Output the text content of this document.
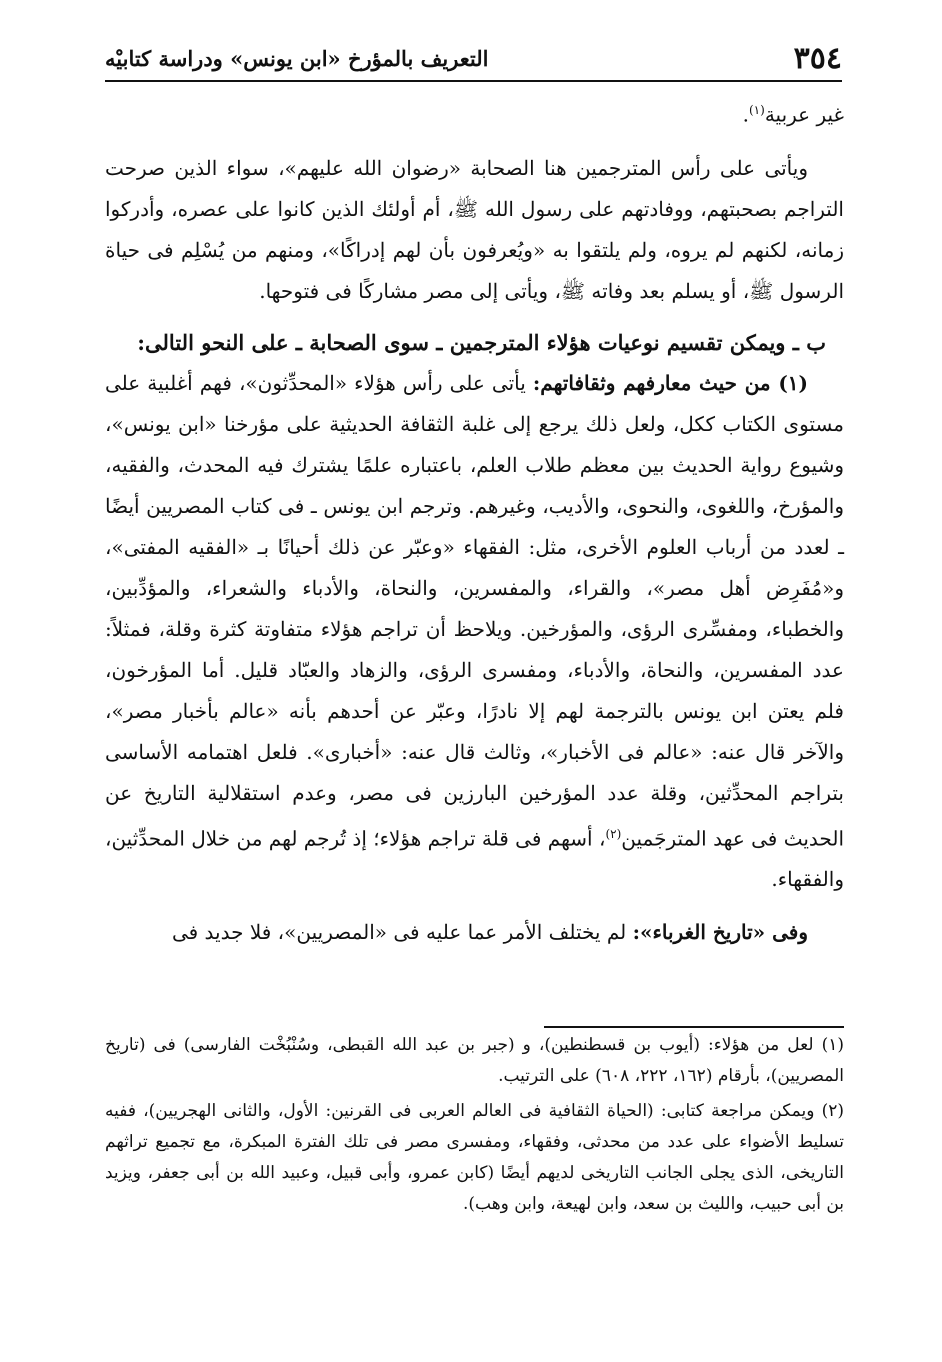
٣٥٤
التعريف بالمؤرخ «ابن يونس» ودراسة كتابيْه

غير عربية$^{(١)}$.

ويأتى على رأس المترجمين هنا الصحابة «رضوان الله عليهم»، سواء الذين صرحت التراجم بصحبتهم، ووفادتهم على رسول الله ﷺ، أم أولئك الذين كانوا على عصره، وأدركوا زمانه، لكنهم لم يروه، ولم يلتقوا به «ويُعرفون بأن لهم إدراكًا»، ومنهم من يُسْلِم فى حياة الرسول ﷺ، أو يسلم بعد وفاته ﷺ، ويأتى إلى مصر مشاركًا فى فتوحها.

ب ـ ويمكن تقسيم نوعيات هؤلاء المترجمين ـ سوى الصحابة ـ على النحو التالى:

(١) من حيث معارفهم وثقافاتهم: يأتى على رأس هؤلاء «المحدِّثون»، فهم أغلبية على مستوى الكتاب ككل، ولعل ذلك يرجع إلى غلبة الثقافة الحديثية على مؤرخنا «ابن يونس»، وشيوع رواية الحديث بين معظم طلاب العلم، باعتباره علمًا يشترك فيه المحدث، والفقيه، والمؤرخ، واللغوى، والنحوى، والأديب، وغيرهم. وترجم ابن يونس ـ فى كتاب المصريين أيضًا ـ لعدد من أرباب العلوم الأخرى، مثل: الفقهاء «وعبّر عن ذلك أحيانًا بـ «الفقيه المفتى»، و«مُفَرِض أهل مصر»، والقراء، والمفسرين، والنحاة، والأدباء والشعراء، والمؤدِّبين، والخطباء، ومفسِّرى الرؤى، والمؤرخين. ويلاحظ أن تراجم هؤلاء متفاوتة كثرة وقلة، فمثلاً: عدد المفسرين، والنحاة، والأدباء، ومفسرى الرؤى، والزهاد والعبّاد قليل. أما المؤرخون، فلم يعتن ابن يونس بالترجمة لهم إلا نادرًا، وعبّر عن أحدهم بأنه «عالم بأخبار مصر»، والآخر قال عنه: «عالم فى الأخبار»، وثالث قال عنه: «أخبارى». فلعل اهتمامه الأساسى بتراجم المحدِّثين، وقلة عدد المؤرخين البارزين فى مصر، وعدم استقلالية التاريخ عن الحديث فى عهد المترجَمين$^{(٢)}$، أسهم فى قلة تراجم هؤلاء؛ إذ تُرجم لهم من خلال المحدِّثين، والفقهاء.

وفى «تاريخ الغرباء»: لم يختلف الأمر عما عليه فى «المصريين»، فلا جديد فى

(١) لعل من هؤلاء: (أيوب بن قسطنطين)، و (جبر بن عبد الله القبطى، وسُنْبُخْت الفارسى) فى (تاريخ المصريين)، بأرقام (١٦٢، ٢٢٢، ٦٠٨) على الترتيب.

(٢) ويمكن مراجعة كتابى: (الحياة الثقافية فى العالم العربى فى القرنين: الأول، والثانى الهجريين)، ففيه تسليط الأضواء على عدد من محدثى، وفقهاء، ومفسرى مصر فى تلك الفترة المبكرة، مع تجميع تراثهم التاريخى، الذى يجلى الجانب التاريخى لديهم أيضًا (كابن عمرو، وأبى قبيل، وعبيد الله بن أبى جعفر، ويزيد بن أبى حبيب، والليث بن سعد، وابن لهيعة، وابن وهب).
